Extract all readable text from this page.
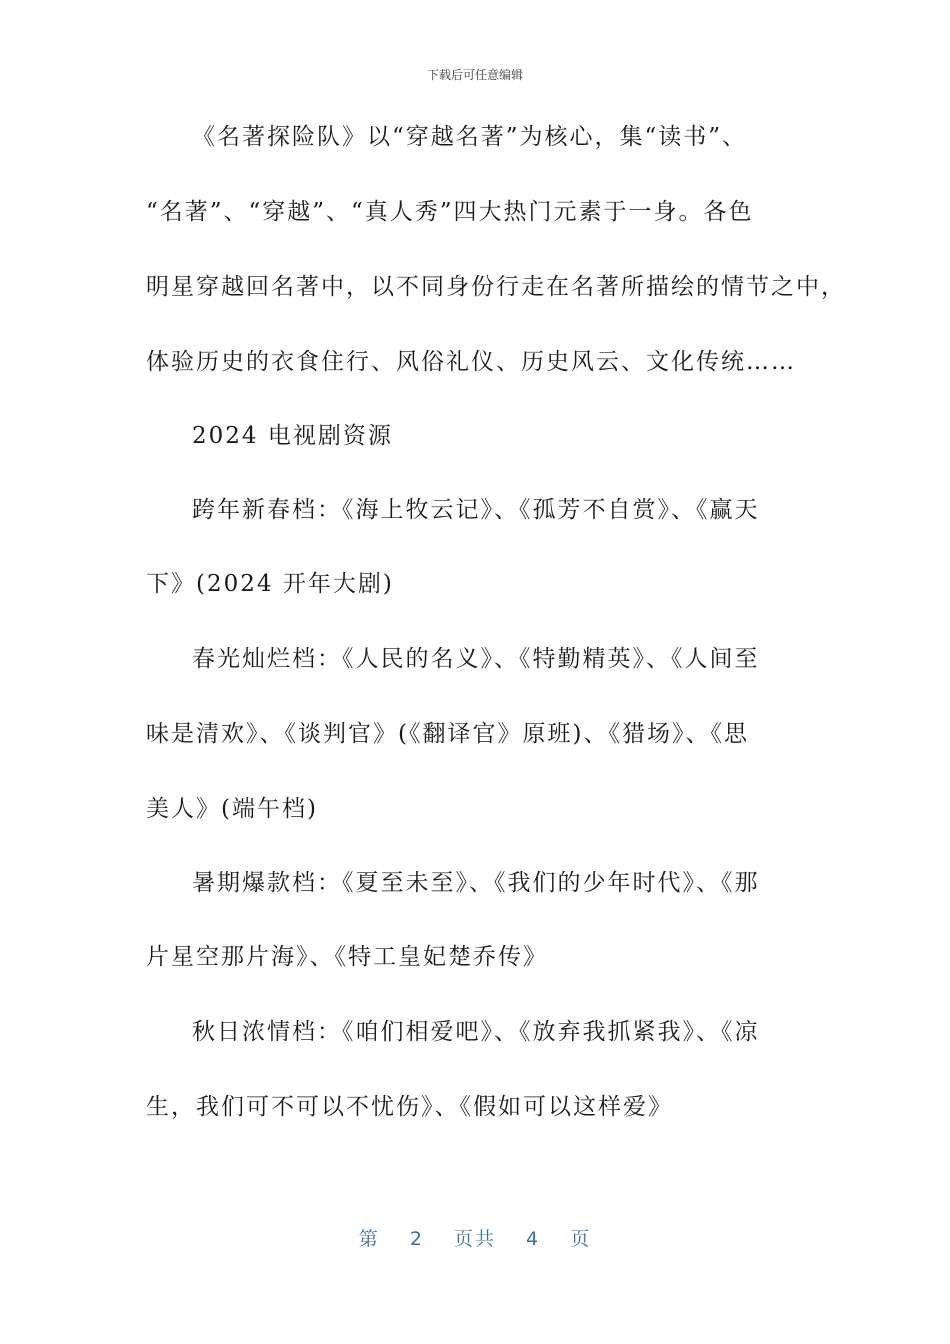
下载后可任意编辑
《名著探险队》以“穿越名著”为核心，集“读书”、
“名著”、“穿越”、“真人秀”四大热门元素于一身。各色
明星穿越回名著中，以不同身份行走在名著所描绘的情节之中，
体验历史的衣食住行、风俗礼仪、历史风云、文化传统……
2024 电视剧资源
跨年新春档：《海上牧云记》、《孤芳不自赏》、《赢天
下》(2024 开年大剧)
春光灿烂档：《人民的名义》、《特勤精英》、《人间至
味是清欢》、《谈判官》(《翻译官》原班)、《猎场》、《思
美人》(端午档)
暑期爆款档：《夏至未至》、《我们的少年时代》、《那
片星空那片海》、《特工皇妃楚乔传》
秋日浓情档：《咱们相爱吧》、《放弃我抓紧我》、《凉
生，我们可不可以不忧伤》、《假如可以这样爱》
第 2 页共 4 页
